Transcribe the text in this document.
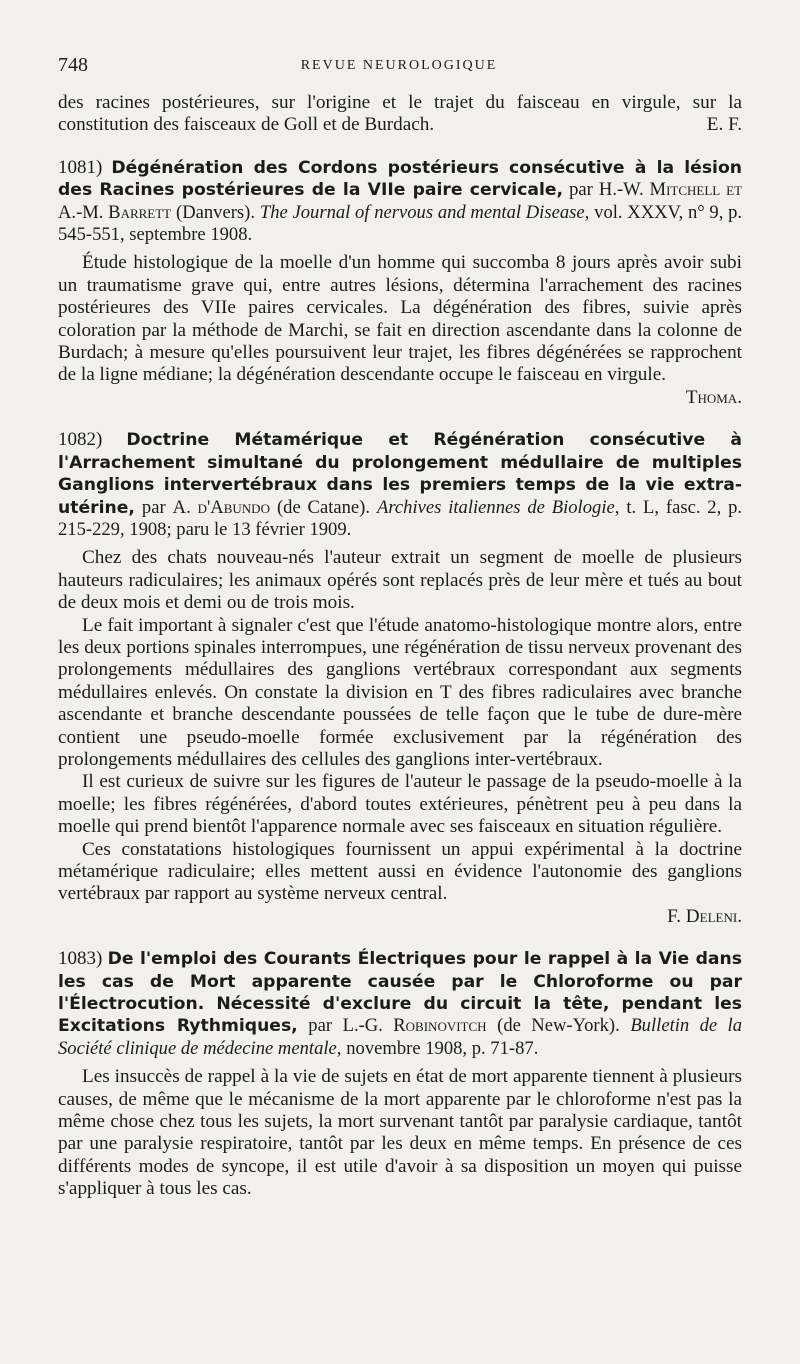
748	REVUE NEUROLOGIQUE

des racines postérieures, sur l'origine et le trajet du faisceau en virgule, sur la constitution des faisceaux de Goll et de Burdach.	E. F.

1081) Dégénération des Cordons postérieurs consécutive à la lésion des Racines postérieures de la VIIe paire cervicale, par H.-W. Mitchell et A.-M. Barrett (Danvers). The Journal of nervous and mental Disease, vol. XXXV, n° 9, p. 545-551, septembre 1908.

Étude histologique de la moelle d'un homme qui succomba 8 jours après avoir subi un traumatisme grave qui, entre autres lésions, détermina l'arrachement des racines postérieures des VIIe paires cervicales. La dégénération des fibres, suivie après coloration par la méthode de Marchi, se fait en direction ascendante dans la colonne de Burdach; à mesure qu'elles poursuivent leur trajet, les fibres dégénérées se rapprochent de la ligne médiane; la dégénération descendante occupe le faisceau en virgule.
Thoma.

1082) Doctrine Métamérique et Régénération consécutive à l'Arrachement simultané du prolongement médullaire de multiples Ganglions intervertébraux dans les premiers temps de la vie extra-utérine, par A. d'Abundo (de Catane). Archives italiennes de Biologie, t. L, fasc. 2, p. 215-229, 1908; paru le 13 février 1909.

Chez des chats nouveau-nés l'auteur extrait un segment de moelle de plusieurs hauteurs radiculaires; les animaux opérés sont replacés près de leur mère et tués au bout de deux mois et demi ou de trois mois.

Le fait important à signaler c'est que l'étude anatomo-histologique montre alors, entre les deux portions spinales interrompues, une régénération de tissu nerveux provenant des prolongements médullaires des ganglions vertébraux correspondant aux segments médullaires enlevés. On constate la division en T des fibres radiculaires avec branche ascendante et branche descendante poussées de telle façon que le tube de dure-mère contient une pseudo-moelle formée exclusivement par la régénération des prolongements médullaires des cellules des ganglions inter-vertébraux.

Il est curieux de suivre sur les figures de l'auteur le passage de la pseudo-moelle à la moelle; les fibres régénérées, d'abord toutes extérieures, pénètrent peu à peu dans la moelle qui prend bientôt l'apparence normale avec ses faisceaux en situation régulière.

Ces constatations histologiques fournissent un appui expérimental à la doctrine métamérique radiculaire; elles mettent aussi en évidence l'autonomie des ganglions vertébraux par rapport au système nerveux central.

F. Deleni.

1083) De l'emploi des Courants Électriques pour le rappel à la Vie dans les cas de Mort apparente causée par le Chloroforme ou par l'Électrocution. Nécessité d'exclure du circuit la tête, pendant les Excitations Rythmiques, par L.-G. Robinovitch (de New-York). Bulletin de la Société clinique de médecine mentale, novembre 1908, p. 71-87.

Les insuccès de rappel à la vie de sujets en état de mort apparente tiennent à plusieurs causes, de même que le mécanisme de la mort apparente par le chloroforme n'est pas la même chose chez tous les sujets, la mort survenant tantôt par paralysie cardiaque, tantôt par une paralysie respiratoire, tantôt par les deux en même temps. En présence de ces différents modes de syncope, il est utile d'avoir à sa disposition un moyen qui puisse s'appliquer à tous les cas.
